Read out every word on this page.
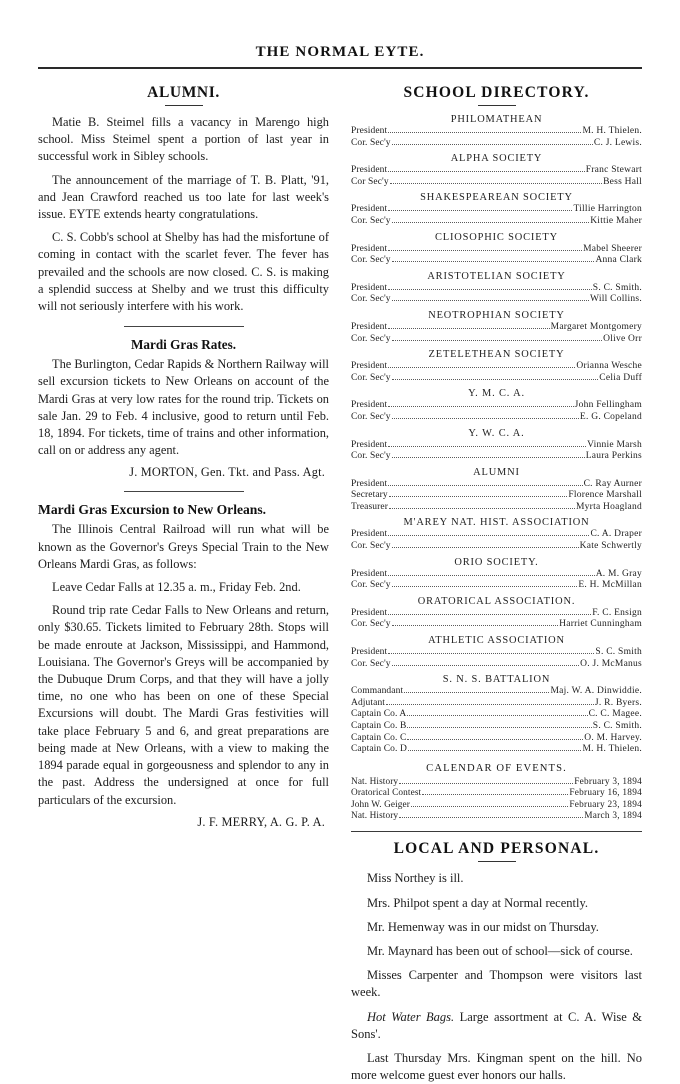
THE NORMAL EYTE.
ALUMNI.

Matie B. Steimel fills a vacancy in Marengo high school. Miss Steimel spent a portion of last year in successful work in Sibley schools.

The announcement of the marriage of T. B. Platt, '91, and Jean Crawford reached us too late for last week's issue. EYTE extends hearty congratulations.

C. S. Cobb's school at Shelby has had the misfortune of coming in contact with the scarlet fever. The fever has prevailed and the schools are now closed. C. S. is making a splendid success at Shelby and we trust this difficulty will not seriously interfere with his work.

Mardi Gras Rates.

The Burlington, Cedar Rapids & Northern Railway will sell excursion tickets to New Orleans on account of the Mardi Gras at very low rates for the round trip. Tickets on sale Jan. 29 to Feb. 4 inclusive, good to return until Feb. 18, 1894. For tickets, time of trains and other information, call on or address any agent.

J. MORTON, Gen. Tkt. and Pass. Agt.
Mardi Gras Excursion to New Orleans.

The Illinois Central Railroad will run what will be known as the Governor's Greys Special Train to the New Orleans Mardi Gras, as follows:

Leave Cedar Falls at 12.35 a. m., Friday Feb. 2nd.

Round trip rate Cedar Falls to New Orleans and return, only $30.65. Tickets limited to February 28th. Stops will be made enroute at Jackson, Mississippi, and Hammond, Louisiana. The Governor's Greys will be accompanied by the Dubuque Drum Corps, and that they will have a jolly time, no one who has been on one of these Special Excursions will doubt. The Mardi Gras festivities will take place February 5 and 6, and great preparations are being made at New Orleans, with a view to making the 1894 parade equal in gorgeousness and splendor to any in the past. Address the undersigned at once for full particulars of the excursion.

J. F. MERRY, A. G. P. A.
SCHOOL DIRECTORY.
PHILOMATHEAN
President	M. H. Thielen.
Cor. Sec'y	C. J. Lewis.
ALPHA SOCIETY
President	Franc Stewart
Cor Sec'y	Bess Hall
SHAKESPEAREAN SOCIETY
President	Tillie Harrington
Cor. Sec'y	Kittie Maher
CLIOSOPHIC SOCIETY
President	Mabel Sheerer
Cor. Sec'y	Anna Clark
ARISTOTELIAN SOCIETY
President	S. C. Smith.
Cor. Sec'y	Will Collins.
NEOTROPHIAN SOCIETY
President	Margaret Montgomery
Cor. Sec'y	Olive Orr
ZETELETHEAN SOCIETY
President	Orianna Wesche
Cor. Sec'y	Celia Duff
Y. M. C. A.
President	John Fellingham
Cor. Sec'y	E. G. Copeland
Y. W. C. A.
President	Vinnie Marsh
Cor. Sec'y	Laura Perkins
ALUMNI
President	C. Ray Aurner
Secretary	Florence Marshall
Treasurer	Myrta Hoagland
M'AREY NAT. HIST. ASSOCIATION
President	C. A. Draper
Cor. Sec'y	Kate Schwertly
ORIO SOCIETY.
President	A. M. Gray
Cor. Sec'y	E. H. McMillan
ORATORICAL ASSOCIATION.
President	F. C. Ensign
Cor. Sec'y	Harriet Cunningham
ATHLETIC ASSOCIATION
President	S. C. Smith
Cor. Sec'y	O. J. McManus
S. N. S. BATTALION
Commandant	Maj. W. A. Dinwiddie.
Adjutant	J. R. Byers.
Captain Co. A	C. C. Magee.
Captain Co. B	S. C. Smith.
Captain Co. C	O. M. Harvey.
Captain Co. D	M. H. Thielen.
CALENDAR OF EVENTS.
Nat. History	February 3, 1894
Oratorical Contest	February 16, 1894
John W. Geiger	February 23, 1894
Nat. History	March 3, 1894
LOCAL AND PERSONAL.

Miss Northey is ill.

Mrs. Philpot spent a day at Normal recently.

Mr. Hemenway was in our midst on Thursday.

Mr. Maynard has been out of school—sick of course.

Misses Carpenter and Thompson were visitors last week.

Hot Water Bags. Large assortment at C. A. Wise & Sons'.

Last Thursday Mrs. Kingman spent on the hill. No more welcome guest ever honors our halls.
